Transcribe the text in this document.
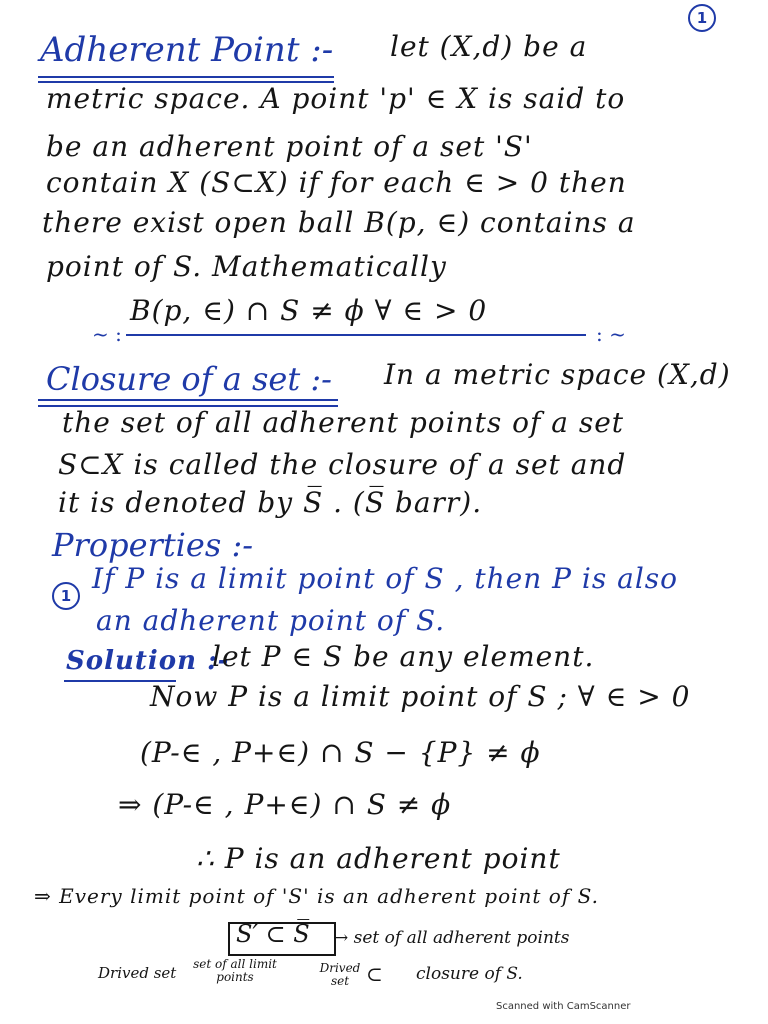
1
Adherent Point :- let (X,d) be a
metric space. A point 'p' ∈ X is said to
be an adherent point of a set 'S'
contain X (S⊂X) if for each ∈ > 0 then
there exist open ball B(p, ∈) contains a
point of S. Mathematically
B(p, ∈) ∩ S ≠ ϕ ∀ ∈ > 0
~ :	: ~
Closure of a set :- In a metric space (X,d)
the set of all adherent points of a set
S⊂X is called the closure of a set and
it is denoted by S̅ . (S̅ barr).
Properties :-
1
If P is a limit point of S , then P is also
an adherent point of S.
Solution :-
let P ∈ S be any element.
Now P is a limit point of S ; ∀ ∈ > 0
(P-∈ , P+∈) ∩ S − {P} ≠ ϕ
⇒ (P-∈ , P+∈) ∩ S ≠ ϕ
∴ P is an adherent point
⇒ Every limit point of 'S' is an adherent point of S.
S′ ⊂ S̅ → set of all adherent points
Drived set set of all limit points
Drived set ⊂ closure of S.
Scanned with CamScanner
